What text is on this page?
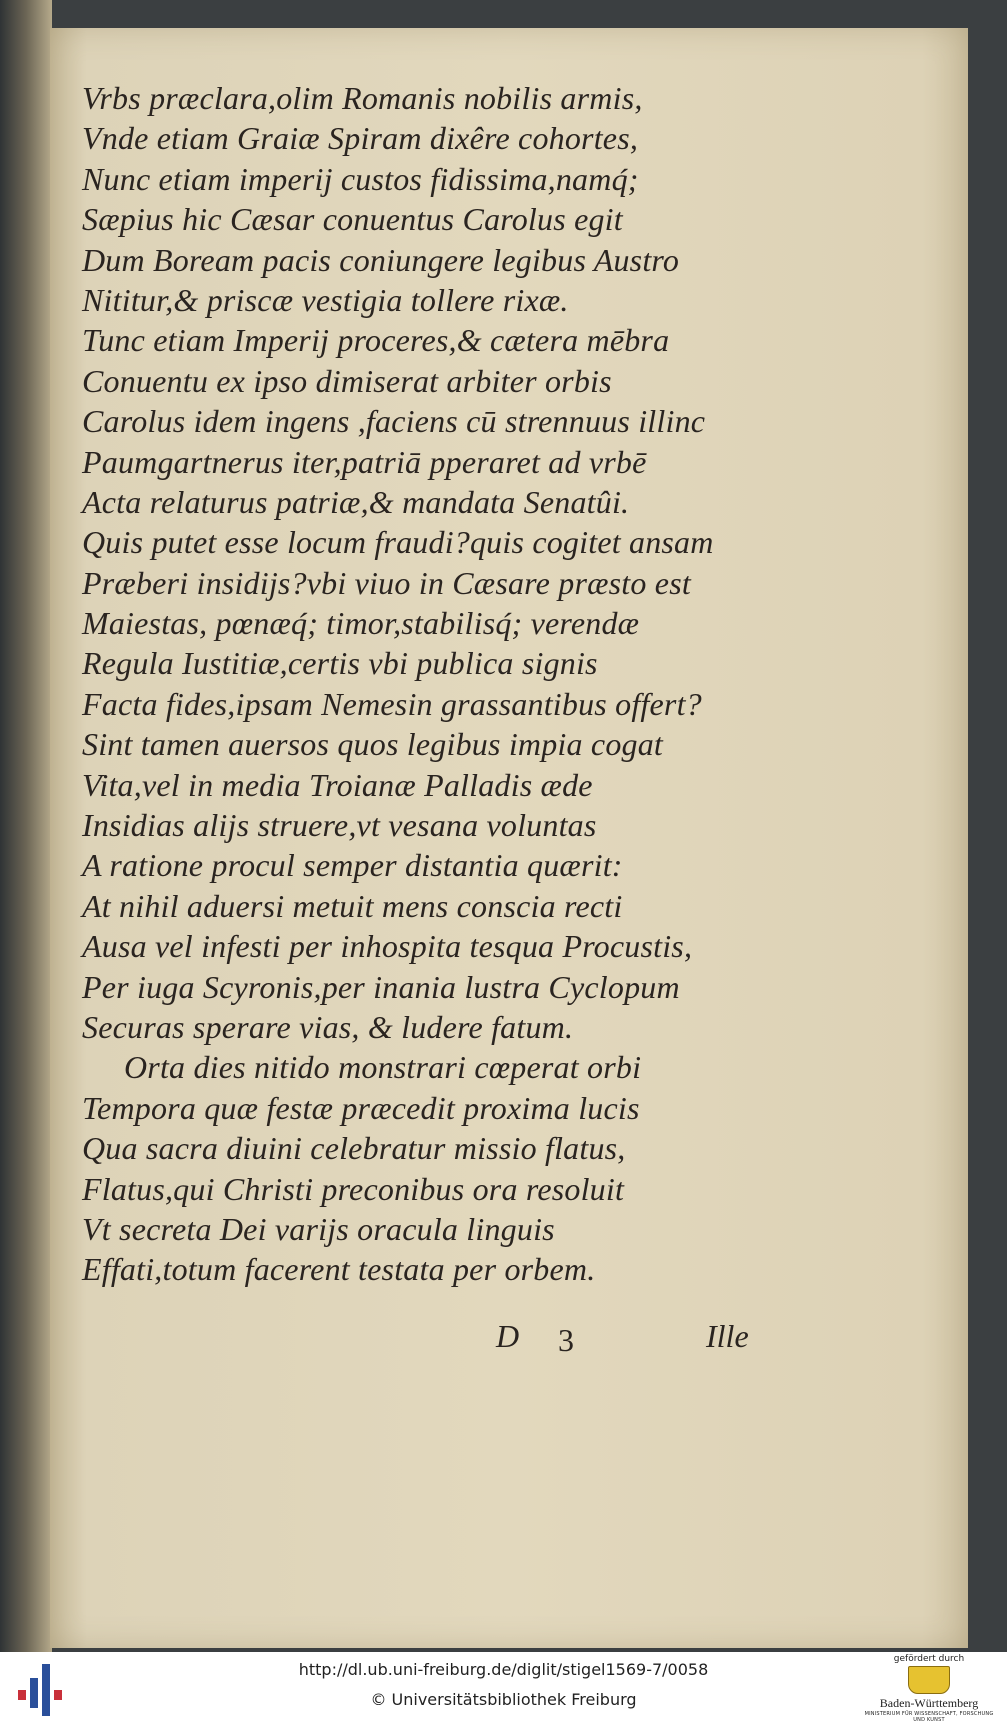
Vrbs præclara,olim Romanis nobilis armis,
Vnde etiam Graiæ Spiram dixêre cohortes,
Nunc etiam imperij custos fidissima,namq́;
Sæpius hic Cæsar conuentus Carolus egit
Dum Boream pacis coniungere legibus Austro
Nititur,& priscæ vestigia tollere rixæ.
Tunc etiam Imperij proceres,& cætera mēbra
Conuentu ex ipso dimiserat arbiter orbis
Carolus idem ingens ,faciens cū strennuus illinc
Paumgartnerus iter,patriā pperaret ad vrbē
Acta relaturus patriæ,& mandata Senatûi.
Quis putet esse locum fraudi?quis cogitet ansam
Præberi insidijs?vbi viuo in Cæsare præsto est
Maiestas, pœnæq́; timor,stabilisq́; verendæ
Regula Iustitiæ,certis vbi publica signis
Facta fides,ipsam Nemesin grassantibus offert?
Sint tamen auersos quos legibus impia cogat
Vita,vel in media Troianæ Palladis æde
Insidias alijs struere,vt vesana voluntas
A ratione procul semper distantia quærit:
At nihil aduersi metuit mens conscia recti
Ausa vel infesti per inhospita tesqua Procustis,
Per iuga Scyronis,per inania lustra Cyclopum
Securas sperare vias, & ludere fatum.
Orta dies nitido monstrari cœperat orbi
Tempora quæ festæ præcedit proxima lucis
Qua sacra diuini celebratur missio flatus,
Flatus,qui Christi preconibus ora resoluit
Vt secreta Dei varijs oracula linguis
Effati,totum facerent testata per orbem.
D 3	Ille
http://dl.ub.uni-freiburg.de/diglit/stigel1569-7/0058
© Universitätsbibliothek Freiburg
gefördert durch
Baden-Württemberg
MINISTERIUM FÜR WISSENSCHAFT, FORSCHUNG UND KUNST
